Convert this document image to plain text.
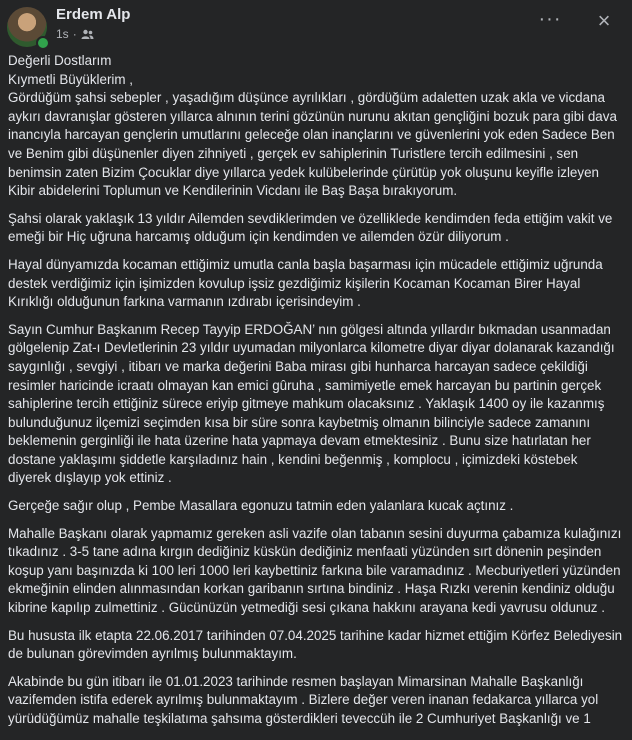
Erdem Alp
1s ·
··· ×

Değerli Dostlarım

Kıymetli Büyüklerim ,

Gördüğüm şahsi sebepler , yaşadığım düşünce ayrılıkları , gördüğüm adaletten uzak akla ve vicdana aykırı davranışlar gösteren yıllarca alnının terini gözünün nurunu akıtan gençliğini bozuk para gibi dava inancıyla harcayan gençlerin umutlarını geleceğe olan inançlarını ve güvenlerini yok eden Sadece Ben ve Benim gibi düşünenler diyen zihniyeti , gerçek ev sahiplerinin Turistlere tercih edilmesini , sen benimsin zaten Bizim Çocuklar diye yıllarca yedek kulübelerinde çürütüp yok oluşunu keyifle izleyen Kibir abidelerini Toplumun ve Kendilerinin Vicdanı ile Baş Başa bırakıyorum.

Şahsi olarak yaklaşık 13 yıldır Ailemden sevdiklerimden ve özellikledе kendimden feda ettiğim vakit ve emeği bir Hiç uğruna harcamış olduğum için kendimden ve ailemden özür diliyorum .

Hayal dünyamızda kocaman ettiğimiz umutla canla başla başarması için mücadele ettiğimiz uğrunda destek verdiğimiz için işimizden kovulup işsiz gezdiğimiz kişilerin Kocaman Kocaman Birer Hayal Kırıklığı olduğunun farkına varmanın ızdırabı içerisindeyim .

Sayın Cumhur Başkanım Recep Tayyip ERDOĞAN’ nın gölgesi altında yıllardır bıkmadan usanmadan gölgelenip Zat-ı Devletlerinin 23 yıldır uyumadan milyonlarca kilometre diyar diyar dolanarak kazandığı saygınlığı , sevgiyi , itibarı ve marka değerini Baba mirası gibi hunharca harcayan sadece çekildiği resimler haricinde icraatı olmayan kan emici gûruha , samimiyetle emek harcayan bu partinin gerçek sahiplerine tercih ettiğiniz sürece eriyip gitmeye mahkum olacaksınız . Yaklaşık 1400 oy ile kazanmış bulunduğunuz ilçemizi seçimden kısa bir süre sonra kaybetmiş olmanın bilinciyle sadece zamanını beklemenin gerginliği ile hata üzerine hata yapmaya devam etmektesiniz . Bunu size hatırlatan her dostane yaklaşımı şiddetle karşıladınız hain , kendini beğenmiş , komplocu , içimizdeki köstebek diyerek dışlayıp yok ettiniz .

Gerçeğe sağır olup , Pembe Masallara egonuzu tatmin eden yalanlara kucak açtınız .

Mahalle Başkanı olarak yapmamız gereken asli vazife olan tabanın sesini duyurma çabamıza kulağınızı tıkadınız . 3-5 tane adına kırgın dediğiniz küskün dediğiniz menfaati yüzünden sırt dönenin peşinden koşup yanı başınızda ki 100 leri 1000 leri kaybettiniz farkına bile varamadınız . Mecburiyetleri yüzünden ekmeğinin elinden alınmasından korkan garibanın sırtına bindiniz . Haşa Rızkı verenin kendiniz olduğu kibrine kapılıp zulmettiniz . Gücünüzün yetmediği sesi çıkana hakkını arayana kedi yavrusu oldunuz .

Bu hususta ilk etapta 22.06.2017 tarihinden 07.04.2025 tarihine kadar hizmet ettiğim Körfez Belediyesin de bulunan görevimden ayrılmış bulunmaktayım.

Akabinde bu gün itibarı ile 01.01.2023 tarihinde resmen başlayan Mimarsinan Mahalle Başkanlığı vazifemden istifa ederek ayrılmış bulunmaktayım . Bizlere değer veren inanan fedakarca yıllarca yol yürüdüğümüz mahalle teşkilatıma şahsıma gösterdikleri teveccüh ile 2 Cumhuriyet Başkanlığı ve 1
